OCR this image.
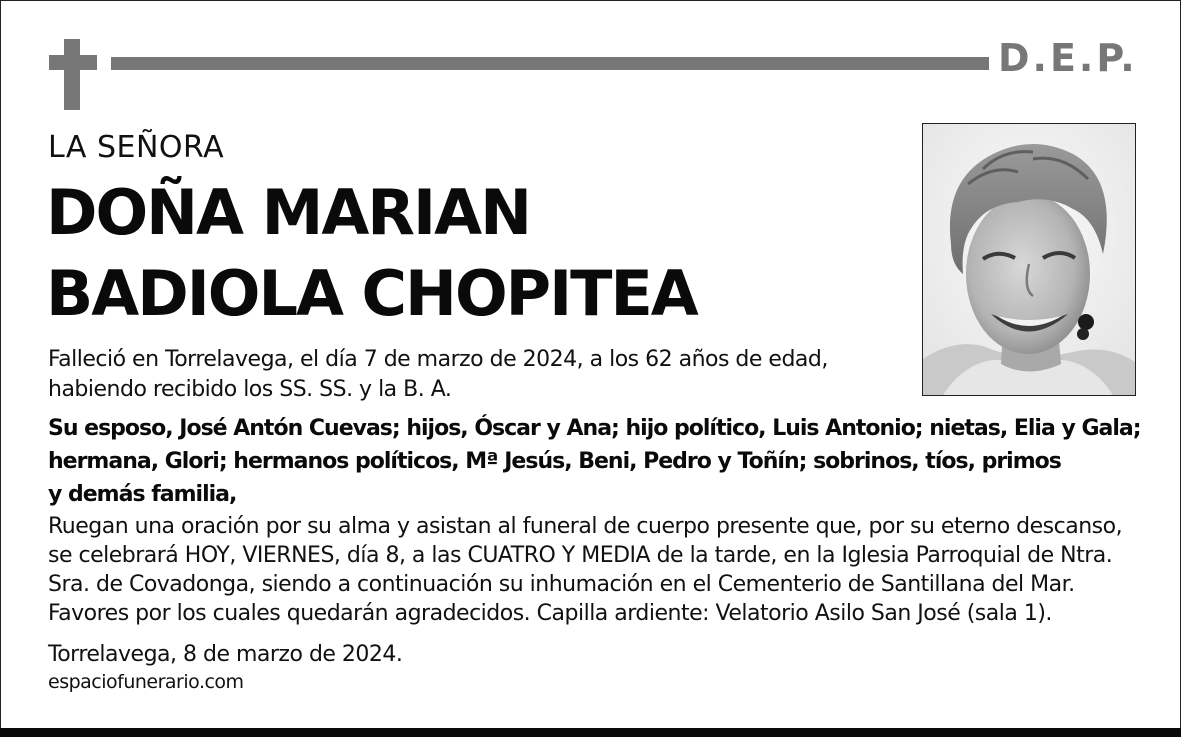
D.E.P.
LA SEÑORA
DOÑA MARIAN
BADIOLA CHOPITEA
Falleció en Torrelavega, el día 7 de marzo de 2024, a los 62 años de edad,
habiendo recibido los SS. SS. y la B. A.
Su esposo, José Antón Cuevas; hijos, Óscar y Ana; hijo político, Luis Antonio; nietas, Elia y Gala;
hermana, Glori; hermanos políticos, Mª Jesús, Beni, Pedro y Toñín; sobrinos, tíos, primos
y demás familia,
Ruegan una oración por su alma y asistan al funeral de cuerpo presente que, por su eterno descanso,
se celebrará HOY, VIERNES, día 8, a las CUATRO Y MEDIA de la tarde, en la Iglesia Parroquial de Ntra.
Sra. de Covadonga, siendo a continuación su inhumación en el Cementerio de Santillana del Mar.
Favores por los cuales quedarán agradecidos. Capilla ardiente: Velatorio Asilo San José (sala 1).
Torrelavega, 8 de marzo de 2024.
espaciofunerario.com
